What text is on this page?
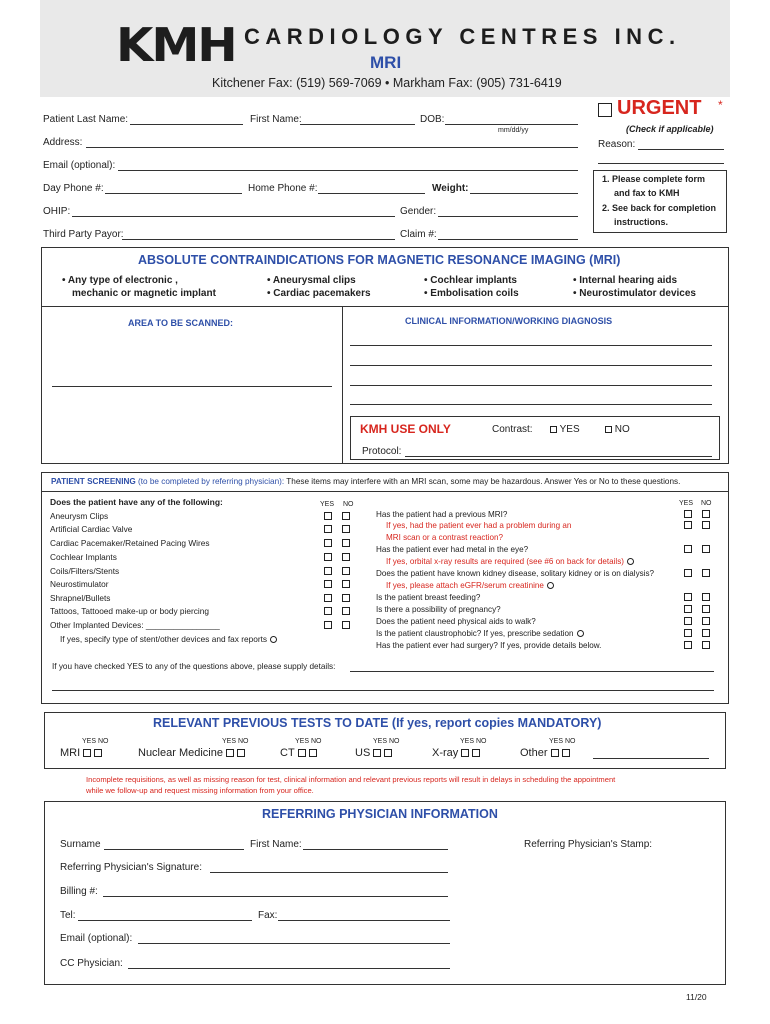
KMH CARDIOLOGY CENTRES INC.
MRI
Kitchener Fax: (519) 569-7069 • Markham Fax: (905) 731-6419
Patient Last Name:	First Name:	DOB:
mm/dd/yy
Address:
Email (optional):
Day Phone #:	Home Phone #:	Weight:
OHIP:	Gender:
Third Party Payor:	Claim #:
URGENT *
(Check if applicable)
Reason:
1. Please complete form
and fax to KMH
2. See back for completion
instructions.
ABSOLUTE CONTRAINDICATIONS FOR MAGNETIC RESONANCE IMAGING (MRI)
• Any type of electronic ,
mechanic or magnetic implant
• Aneurysmal clips
• Cardiac pacemakers
• Cochlear implants
• Embolisation coils
• Internal hearing aids
• Neurostimulator devices
AREA TO BE SCANNED:	CLINICAL INFORMATION/WORKING DIAGNOSIS
KMH USE ONLY	Contrast:	YES	NO
Protocol:
PATIENT SCREENING (to be completed by referring physician): These items may interfere with an MRI scan, some may be hazardous. Answer Yes or No to these questions.
Does the patient have any of the following:	YES NO
Aneurysm Clips
Artificial Cardiac Valve
Cardiac Pacemaker/Retained Pacing Wires
Cochlear Implants
Coils/Filters/Stents
Neurostimulator
Shrapnel/Bullets
Tattoos, Tattooed make-up or body piercing
Other Implanted Devices: ________________
If yes, specify type of stent/other devices and fax reports
YES NO
Has the patient had a previous MRI?
If yes, had the patient ever had a problem during an
MRI scan or a contrast reaction?
Has the patient ever had metal in the eye?
If yes, orbital x-ray results are required (see #6 on back for details)
Does the patient have known kidney disease, solitary kidney or is on dialysis?
If yes, please attach eGFR/serum creatinine
Is the patient breast feeding?
Is there a possibility of pregnancy?
Does the patient need physical aids to walk?
Is the patient claustrophobic? If yes, prescribe sedation
Has the patient ever had surgery? If yes, provide details below.
If you have checked YES to any of the questions above, please supply details:
RELEVANT PREVIOUS TESTS TO DATE (If yes, report copies MANDATORY)
YES NO
MRI
YES NO
Nuclear Medicine
YES NO
CT
YES NO
US
YES NO
X-ray
YES NO
Other
Incomplete requisitions, as well as missing reason for test, clinical information and relevant previous reports will result in delays in scheduling the appointment
while we follow-up and request missing information from your office.
REFERRING PHYSICIAN INFORMATION
Surname	First Name:	Referring Physician's Stamp:
Referring Physician's Signature:
Billing #:
Tel:	Fax:
Email (optional):
CC Physician:
11/20
